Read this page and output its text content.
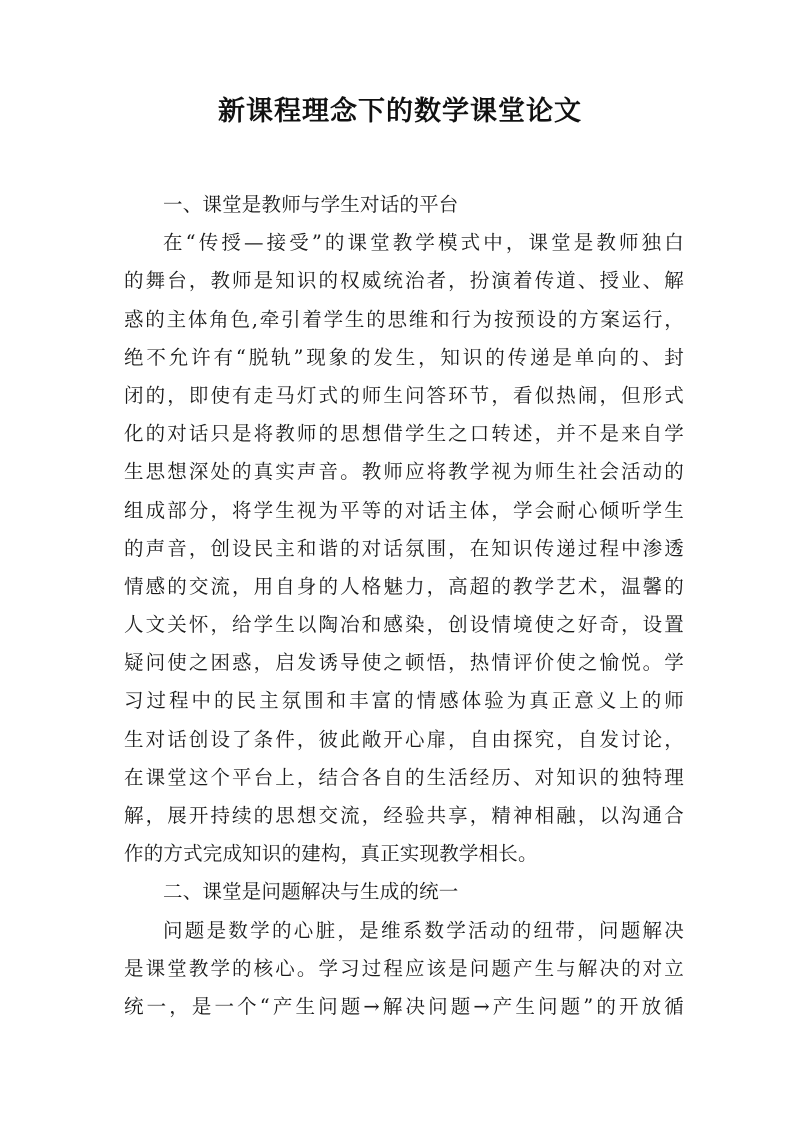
新课程理念下的数学课堂论文
一、课堂是教师与学生对话的平台
在“传授—接受”的课堂教学模式中，课堂是教师独白
的舞台，教师是知识的权威统治者，扮演着传道、授业、解
惑的主体角色,牵引着学生的思维和行为按预设的方案运行，
绝不允许有“脱轨”现象的发生，知识的传递是单向的、封
闭的，即使有走马灯式的师生问答环节，看似热闹，但形式
化的对话只是将教师的思想借学生之口转述，并不是来自学
生思想深处的真实声音。教师应将教学视为师生社会活动的
组成部分，将学生视为平等的对话主体，学会耐心倾听学生
的声音，创设民主和谐的对话氛围，在知识传递过程中渗透
情感的交流，用自身的人格魅力，高超的教学艺术，温馨的
人文关怀，给学生以陶冶和感染，创设情境使之好奇，设置
疑问使之困惑，启发诱导使之顿悟，热情评价使之愉悦。学
习过程中的民主氛围和丰富的情感体验为真正意义上的师
生对话创设了条件，彼此敞开心扉，自由探究，自发讨论，
在课堂这个平台上，结合各自的生活经历、对知识的独特理
解，展开持续的思想交流，经验共享，精神相融，以沟通合
作的方式完成知识的建构，真正实现教学相长。
二、课堂是问题解决与生成的统一
问题是数学的心脏，是维系数学活动的纽带，问题解决
是课堂教学的核心。学习过程应该是问题产生与解决的对立
统一，是一个“产生问题→解决问题→产生问题”的开放循
